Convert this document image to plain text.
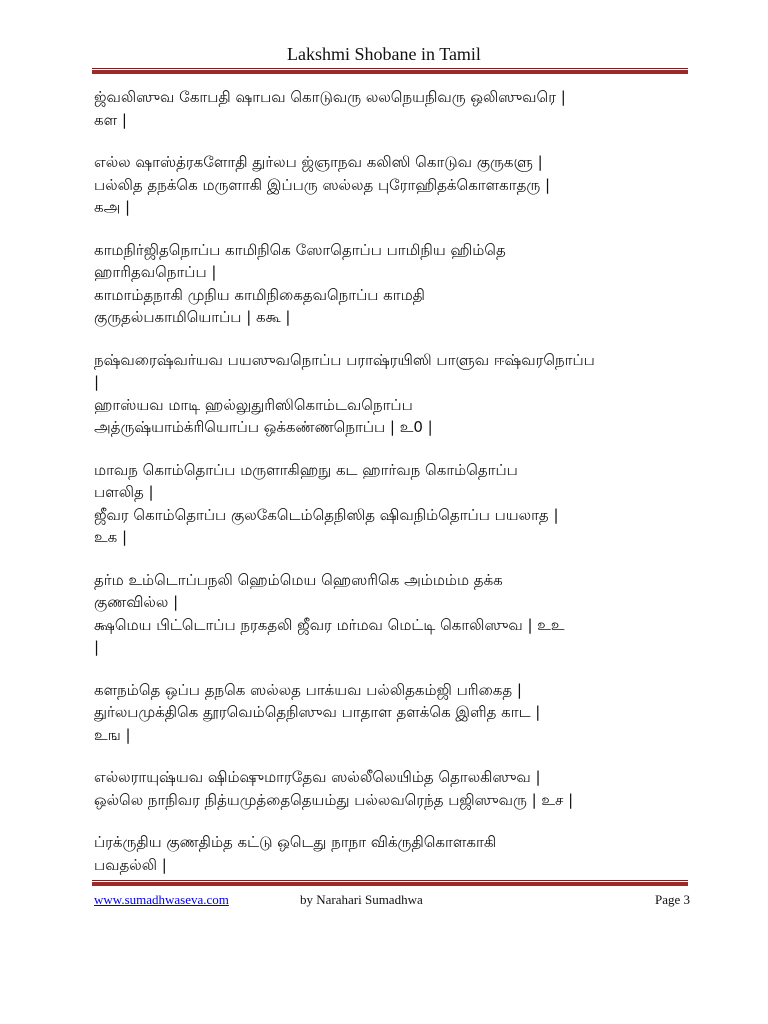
Lakshmi Shobane in Tamil
ஜ்வலிஸுவ கோபதி ஷாபவ கொடுவரு லலநெயநிவரு ஒலிஸுவரெ |
கள |
எல்ல ஷாஸ்த்ரகளோதி துர்லப ஜ்ஞாநவ கலிஸி கொடுவ குருகளு |
பல்லித தநக்கெ மருளாகி இப்பரு ஸல்லத புரோஹிதக்கொளகாதரு |
கஅ |
காமநிர்ஜிதநொப்ப காமிநிகெ ஸோதொப்ப பாமிநிய ஹிம்தெ
ஹாரிதவநொப்ப |
காமாம்தநாகி முநிய காமிநிகைதவநொப்ப காமதி
குருதல்பகாமியொப்ப | ககூ |
நஷ்வரைஷ்வர்யவ பயஸுவநொப்ப பராஷ்ரயிஸி பாளுவ ஈஷ்வரநொப்ப
|
ஹாஸ்யவ மாடி ஹல்லுதுரிஸிகொம்டவநொப்ப
அத்ருஷ்யாம்க்ரியொப்ப ஒக்கண்ணநொப்ப | உ0 |
மாவந கொம்தொப்ப மருளாகிஹநு கட ஹார்வந கொம்தொப்ப
பளலித |
ஜீவர கொம்தொப்ப குலகேடெம்தெநிஸித ஷிவநிம்தொப்ப பயலாத |
உக |
தர்ம உம்டொப்பநலி ஹெம்மெய ஹெஸரிகெ அம்மம்ம தக்க
குணவில்ல |
க்ஷமெய பிட்டொப்ப நரகதலி ஜீவர மர்மவ மெட்டி கொலிஸுவ | உஉ
|
களநம்தெ ஒப்ப தநகெ ஸல்லத பாக்யவ பல்லிதகம்ஜி பரிகைத |
துர்லபமுக்திகெ தூரவெம்தெநிஸுவ பாதாள தளக்கெ இளித காட |
உங |
எல்லராயுஷ்யவ ஷிம்ஷுமாரதேவ ஸல்லீலெயிம்த தொலகிஸுவ |
ஒல்லெ நாநிவர நித்யமுத்தைதெயம்து பல்லவரெந்த பஜிஸுவரு | உச |
ப்ரக்ருதிய குணதிம்த கட்டு ஒடெது நாநா விக்ருதிகொளகாகி
பவதல்லி |
www.sumadhwaseva.com	by Narahari Sumadhwa	Page 3
